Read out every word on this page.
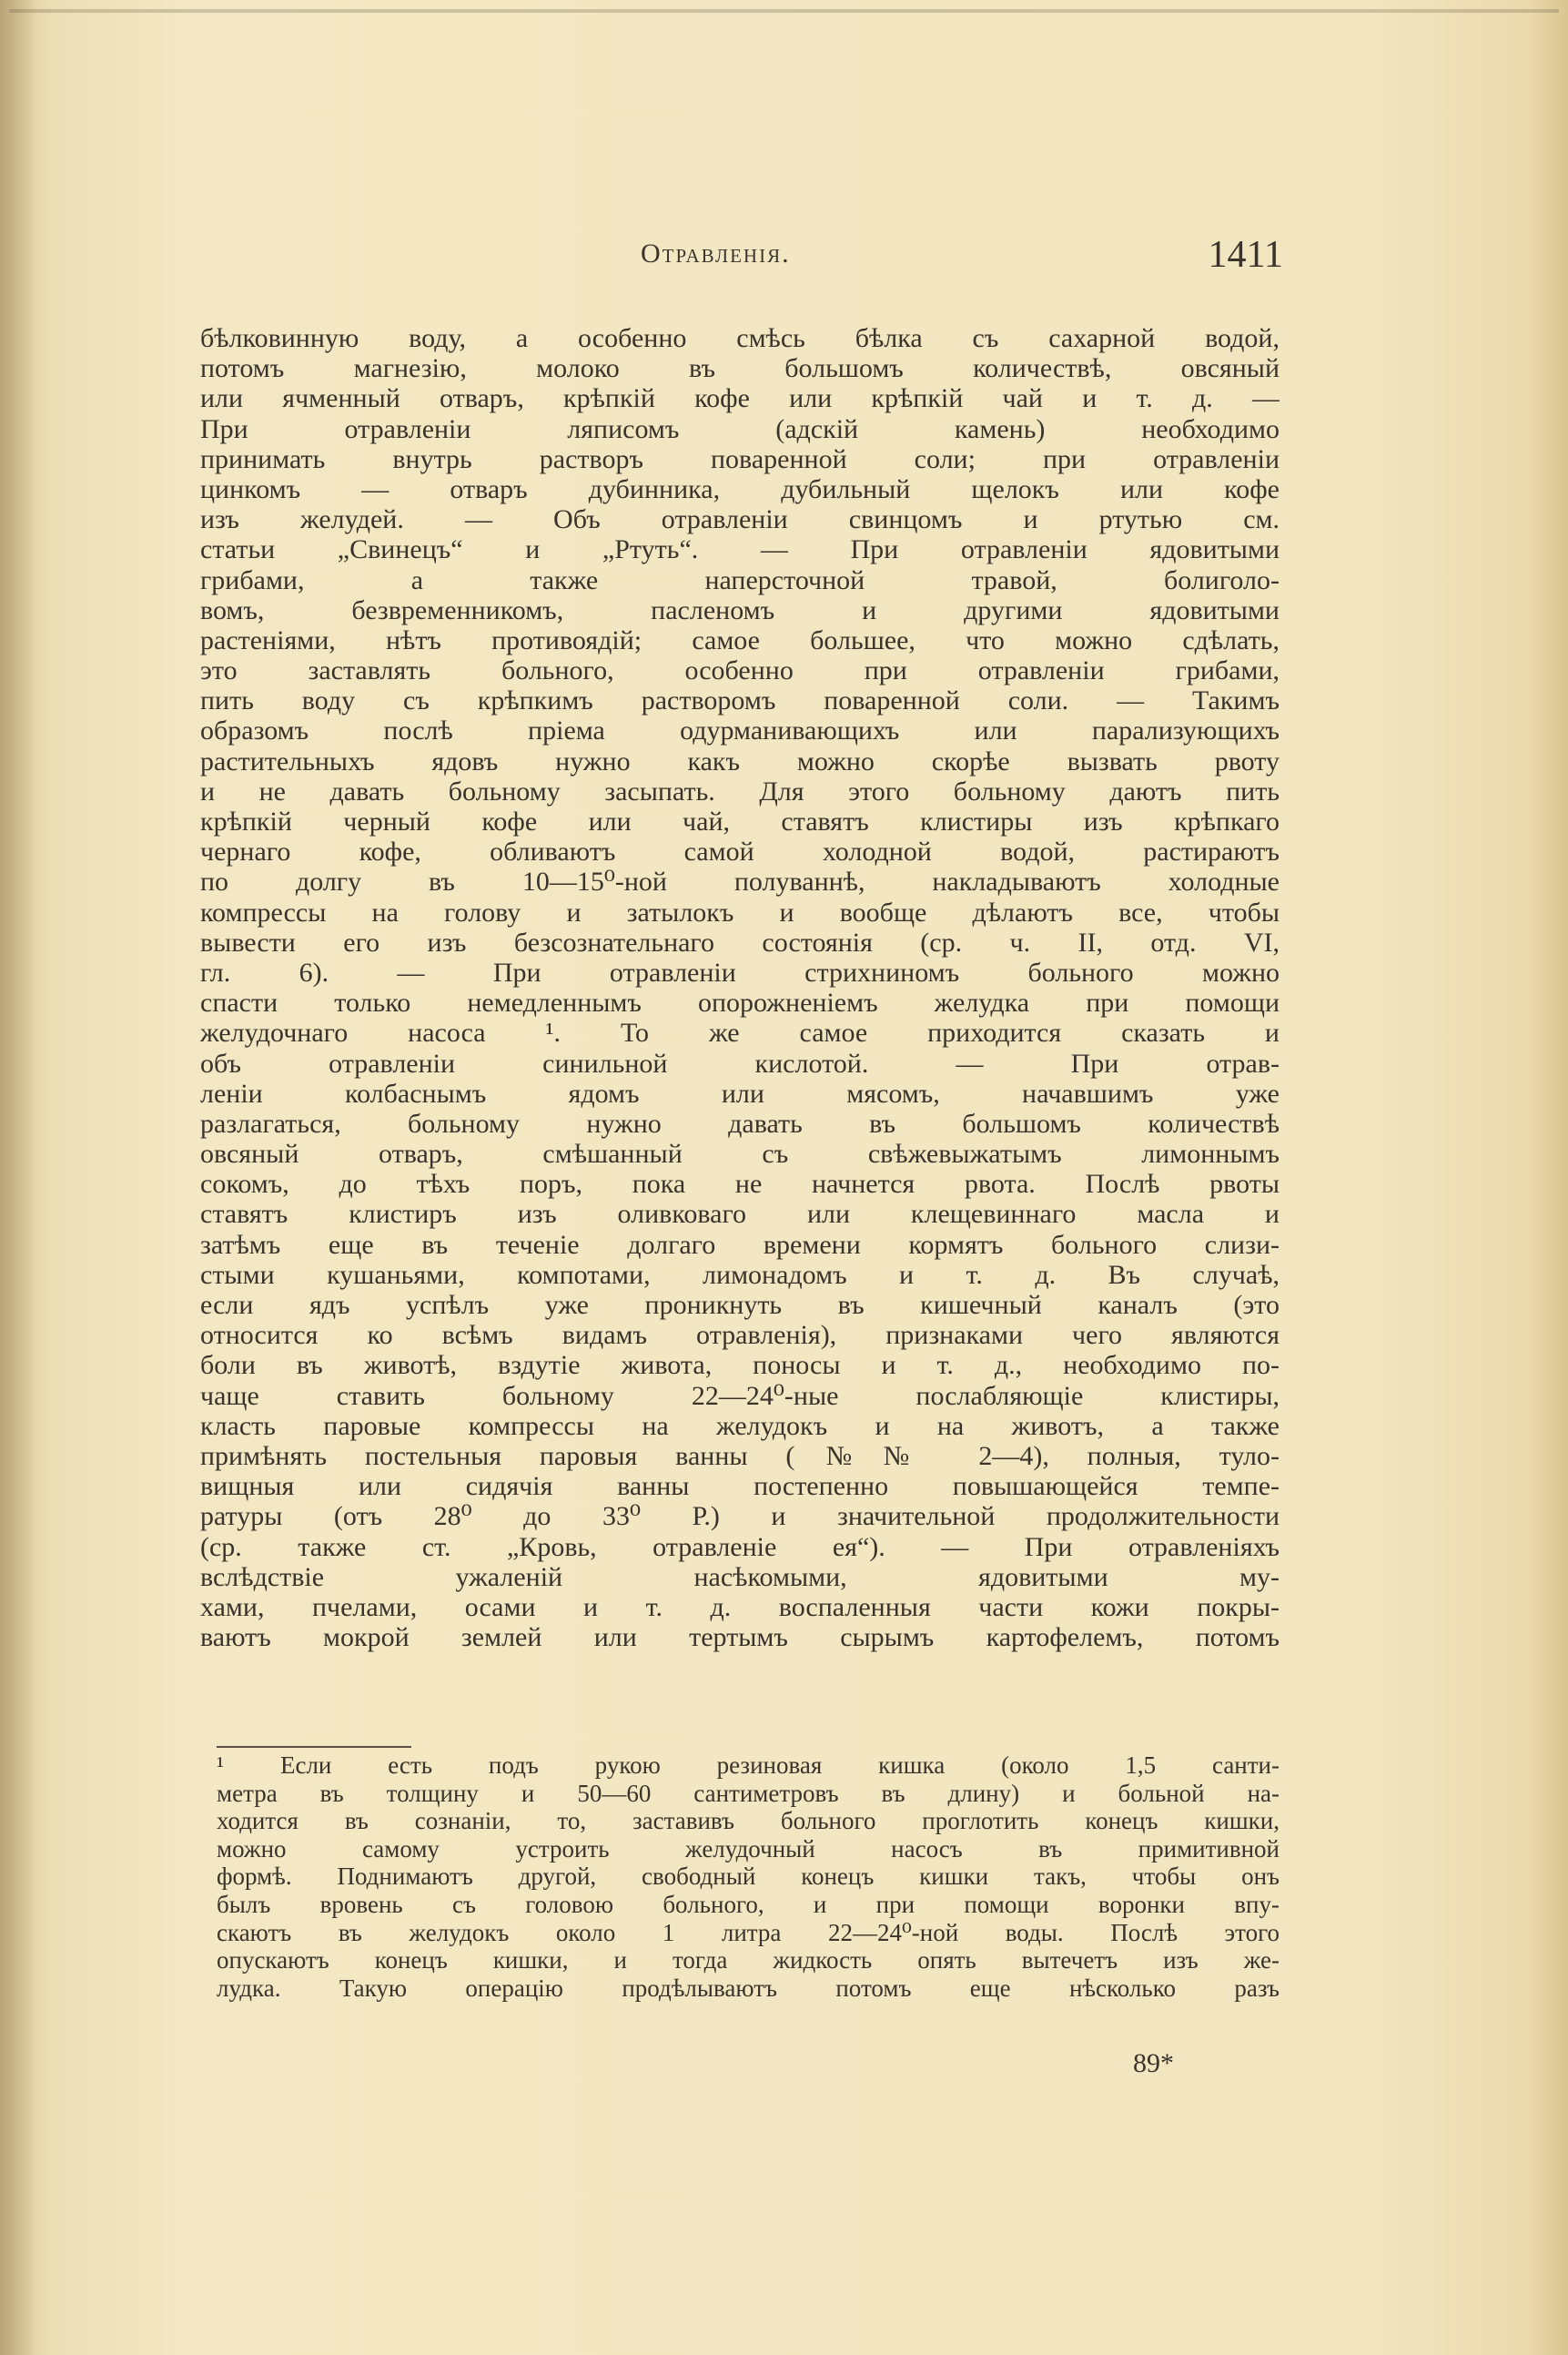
Отравленія.	1411
бѣлковинную воду, а особенно смѣсь бѣлка съ сахарной водой,
потомъ магнезію, молоко въ большомъ количествѣ, овсяный
или ячменный отваръ, крѣпкій кофе или крѣпкій чай и т. д. —
При отравленіи ляписомъ (адскій камень) необходимо
принимать внутрь растворъ поваренной соли; при отравленіи
цинкомъ — отваръ дубинника, дубильный щелокъ или кофе
изъ желудей. — Объ отравленіи свинцомъ и ртутью см.
статьи „Свинецъ“ и „Ртуть“. — При отравленіи ядовитыми
грибами, а также наперсточной травой, болиголо-
вомъ, безвременникомъ, пасленомъ и другими ядовитыми
растеніями, нѣтъ противоядій; самое большее, что можно сдѣлать,
это заставлять больного, особенно при отравленіи грибами,
пить воду съ крѣпкимъ растворомъ поваренной соли. — Такимъ
образомъ послѣ пріема одурманивающихъ или парализующихъ
растительныхъ ядовъ нужно какъ можно скорѣе вызвать рвоту
и не давать больному засыпать. Для этого больному даютъ пить
крѣпкій черный кофе или чай, ставятъ клистиры изъ крѣпкаго
чернаго кофе, обливаютъ самой холодной водой, растираютъ
по долгу въ 10—15⁰-ной полуваннѣ, накладываютъ холодные
компрессы на голову и затылокъ и вообще дѣлаютъ все, чтобы
вывести его изъ безсознательнаго состоянія (ср. ч. II, отд. VI,
гл. 6). — При отравленіи стрихниномъ больного можно
спасти только немедленнымъ опорожненіемъ желудка при помощи
желудочнаго насоса ¹. То же самое приходится сказать и
объ отравленіи синильной кислотой. — При отрав-
леніи колбаснымъ ядомъ или мясомъ, начавшимъ уже
разлагаться, больному нужно давать въ большомъ количествѣ
овсяный отваръ, смѣшанный съ свѣжевыжатымъ лимоннымъ
сокомъ, до тѣхъ поръ, пока не начнется рвота. Послѣ рвоты
ставятъ клистиръ изъ оливковаго или клещевиннаго масла и
затѣмъ еще въ теченіе долгаго времени кормятъ больного слизи-
стыми кушаньями, компотами, лимонадомъ и т. д. Въ случаѣ,
если ядъ успѣлъ уже проникнуть въ кишечный каналъ (это
относится ко всѣмъ видамъ отравленія), признаками чего являются
боли въ животѣ, вздутіе живота, поносы и т. д., необходимо по-
чаще ставить больному 22—24⁰-ные послабляющіе клистиры,
класть паровые компрессы на желудокъ и на животъ, а также
примѣнять постельныя паровыя ванны (№№ 2—4), полныя, туло-
вищныя или сидячія ванны постепенно повышающейся темпе-
ратуры (отъ 28⁰ до 33⁰ Р.) и значительной продолжительности
(ср. также ст. „Кровь, отравленіе ея“). — При отравленіяхъ
вслѣдствіе ужаленій насѣкомыми, ядовитыми му-
хами, пчелами, осами и т. д. воспаленныя части кожи покры-
ваютъ мокрой землей или тертымъ сырымъ картофелемъ, потомъ
¹ Если есть подъ рукою резиновая кишка (около 1,5 санти-
метра въ толщину и 50—60 сантиметровъ въ длину) и больной на-
ходится въ сознаніи, то, заставивъ больного проглотить конецъ кишки,
можно самому устроить желудочный насосъ въ примитивной
формѣ. Поднимаютъ другой, свободный конецъ кишки такъ, чтобы онъ
былъ вровень съ головою больного, и при помощи воронки впу-
скаютъ въ желудокъ около 1 литра 22—24⁰-ной воды. Послѣ этого
опускаютъ конецъ кишки, и тогда жидкость опять вытечетъ изъ же-
лудка. Такую операцію продѣлываютъ потомъ еще нѣсколько разъ
89*
